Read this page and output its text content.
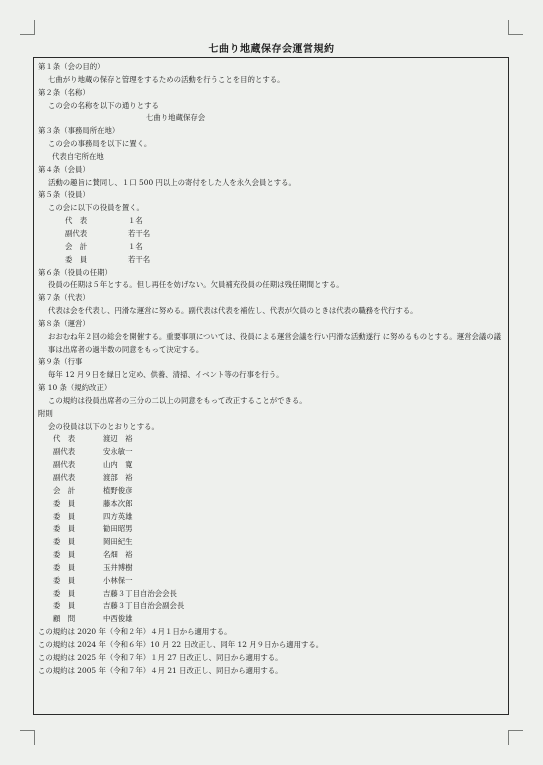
七曲り地蔵保存会運営規約
第１条（会の目的）
七曲がり地蔵の保存と管理をするための活動を行うことを目的とする。
第２条（名称）
この会の名称を以下の通りとする
七曲り地蔵保存会
第３条（事務局所在地）
この会の事務局を以下に置く。
代表自宅所在地
第４条（会員）
活動の趣旨に賛同し、１口 500 円以上の寄付をした人を永久会員とする。
第５条（役員）
この会に以下の役員を置く。
代　表	１名
副代表	若干名
会　計	１名
委　員	若干名
第６条（役員の任期）
役員の任期は５年とする。但し再任を妨げない。欠員補充役員の任期は残任期間とする。
第７条（代表）
代表は会を代表し、円滑な運営に努める。副代表は代表を補佐し、代表が欠員のときは代表の職務を代行する。
第８条（運営）
おおむね年２回の総会を開催する。重要事項については、役員による運営会議を行い円滑な活動遂行 に努めるものとする。運営会議の議事は出席者の過半数の同意をもって決定する。
第９条（行事
毎年 12 月９日を縁日と定め、供養、清掃、イベント等の行事を行う。
第 10 条（規約改正）
この規約は役員出席者の三分の二以上の同意をもって改正することができる。
附則
会の役員は以下のとおりとする。
代　表	渡辺　裕
副代表	安永敏一
副代表	山内　寛
副代表	渡部　裕
会　計	植野俊彦
委　員	藤本次郎
委　員	四方英雄
委　員	勧田昭男
委　員	岡田紀生
委　員	名畑　裕
委　員	玉井博樹
委　員	小林保一
委　員	吉藤３丁目自治会会長
委　員	吉藤３丁目自治会副会長
顧　問	中西俊雄
この規約は 2020 年（令和２年）４月１日から適用する。
この規約は 2024 年（令和６年）10 月 22 日改正し、同年 12 月９日から適用する。
この規約は 2025 年（令和７年）１月 27 日改正し、同日から適用する。
この規約は 2005 年（令和７年）４月 21 日改正し、同日から適用する。
